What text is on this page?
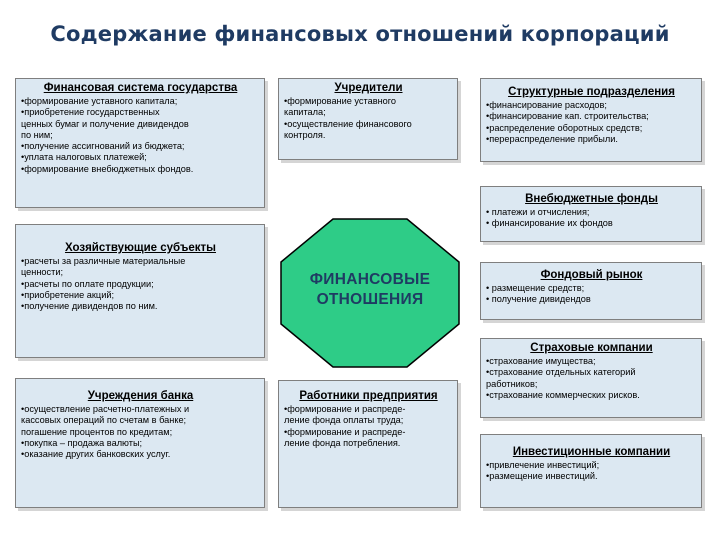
Содержание финансовых отношений корпораций
Финансовая система государства
•формирование уставного капитала;
•приобретение государственных
ценных бумаг и получение дивидендов
по ним;
•получение ассигнований из бюджета;
•уплата налоговых платежей;
•формирование внебюджетных фондов.
Учредители
•формирование уставного
капитала;
•осуществление финансового
контроля.
Структурные подразделения
•финансирование расходов;
•финансирование кап. строительства;
•распределение оборотных средств;
•перераспределение прибыли.
Внебюджетные фонды
• платежи и отчисления;
• финансирование их фондов
Хозяйствующие субъекты
•расчеты за различные материальные
ценности;
•расчеты по оплате продукции;
•приобретение акций;
•получение дивидендов по ним.
ФИНАНСОВЫЕ
ОТНОШЕНИЯ
Фондовый рынок
• размещение средств;
• получение дивидендов
Страховые компании
•страхование имущества;
•страхование отдельных категорий
работников;
•страхование коммерческих рисков.
Учреждения банка
•осуществление расчетно-платежных и
кассовых операций по счетам в банке;
погашение процентов по кредитам;
•покупка – продажа валюты;
•оказание других банковских услуг.
Работники предприятия
•формирование и распреде-
ление фонда оплаты труда;
•формирование и распреде-
ление фонда потребления.
Инвестиционные компании
•привлечение инвестиций;
•размещение инвестиций.
